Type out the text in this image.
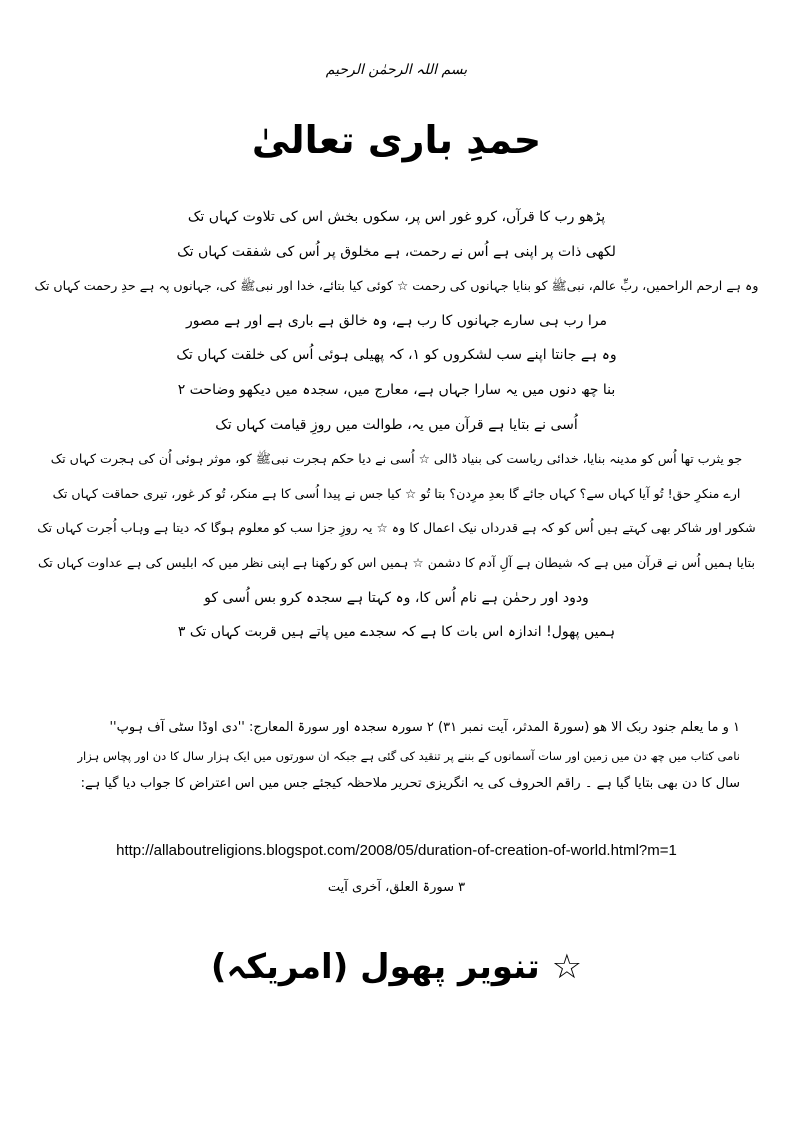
بسم اللہ الرحمٰن الرحیم
حمدِ باری تعالیٰ
پڑھو رب کا قرآں، کرو غور اس پر، سکوں بخش اس کی تلاوت کہاں تک
لکھی ذات پر اپنی ہے اُس نے رحمت، ہے مخلوق پر اُس کی شفقت کہاں تک
وہ ہے ارحم الراحمیں، ربِّ عالم، نبیﷺ کو بنایا جہانوں کی رحمت ☆ کوئی کیا بتائے، خدا اور نبیﷺ کی، جہانوں پہ ہے حدِ رحمت کہاں تک
مرا رب ہی سارے جہانوں کا رب ہے، وہ خالق ہے باری ہے اور ہے مصور
وہ ہے جانتا اپنے سب لشکروں کو ١، کہ پھیلی ہوئی اُس کی خلقت کہاں تک
بنا چھ دنوں میں یہ سارا جہاں ہے، معارج میں، سجدہ میں دیکھو وضاحت ٢
اُسی نے بتایا ہے قرآن میں یہ، طوالت میں روزِ قیامت کہاں تک
جو یثرب تھا اُس کو مدینہ بنایا، خدائی ریاست کی بنیاد ڈالی ☆ اُسی نے دیا حکم ہجرت نبیﷺ کو، موثر ہوئی اُن کی ہجرت کہاں تک
ارے منکرِ حق! تُو آیا کہاں سے؟ کہاں جائے گا بعدِ مرِدن؟ بتا تُو ☆ کیا جس نے پیدا اُسی کا ہے منکر، تُو کر غور، تیری حماقت کہاں تک
شکور اور شاکر بھی کہتے ہیں اُس کو کہ ہے قدرداں نیک اعمال کا وہ ☆ یہ روزِ جزا سب کو معلوم ہوگا کہ دیتا ہے وہاب اُجرت کہاں تک
بتایا ہمیں اُس نے قرآن میں ہے کہ شیطان ہے آلِ آدم کا دشمن ☆ ہمیں اس کو رکھنا ہے اپنی نظر میں کہ ابلیس کی ہے عداوت کہاں تک
ودود اور رحمٰن ہے نام اُس کا، وہ کہتا ہے سجدہ کرو بس اُسی کو
ہمیں پھول! اندازہ اس بات کا ہے کہ سجدے میں پاتے ہیں قربت کہاں تک ٣
١ و ما یعلم جنود ربک الا ھو (سورۃ المدثر، آیت نمبر ٣١) ٢ سورہ سجدہ اور سورۃ المعارج: ''دی اوڈا سٹی آف ہوپ''
نامی کتاب میں چھ دن میں زمین اور سات آسمانوں کے بننے پر تنقید کی گئی ہے جبکہ ان سورتوں میں ایک ہزار سال کا دن اور پچاس ہزار
سال کا دن بھی بتایا گیا ہے ۔ راقم الحروف کی یہ انگریزی تحریر ملاحظہ کیجئے جس میں اس اعتراض کا جواب دیا گیا ہے:
http://allaboutreligions.blogspot.com/2008/05/duration-of-creation-of-world.html?m=1
٣ سورۃ العلق، آخری آیت
☆ تنویر پھول (امریکہ)
